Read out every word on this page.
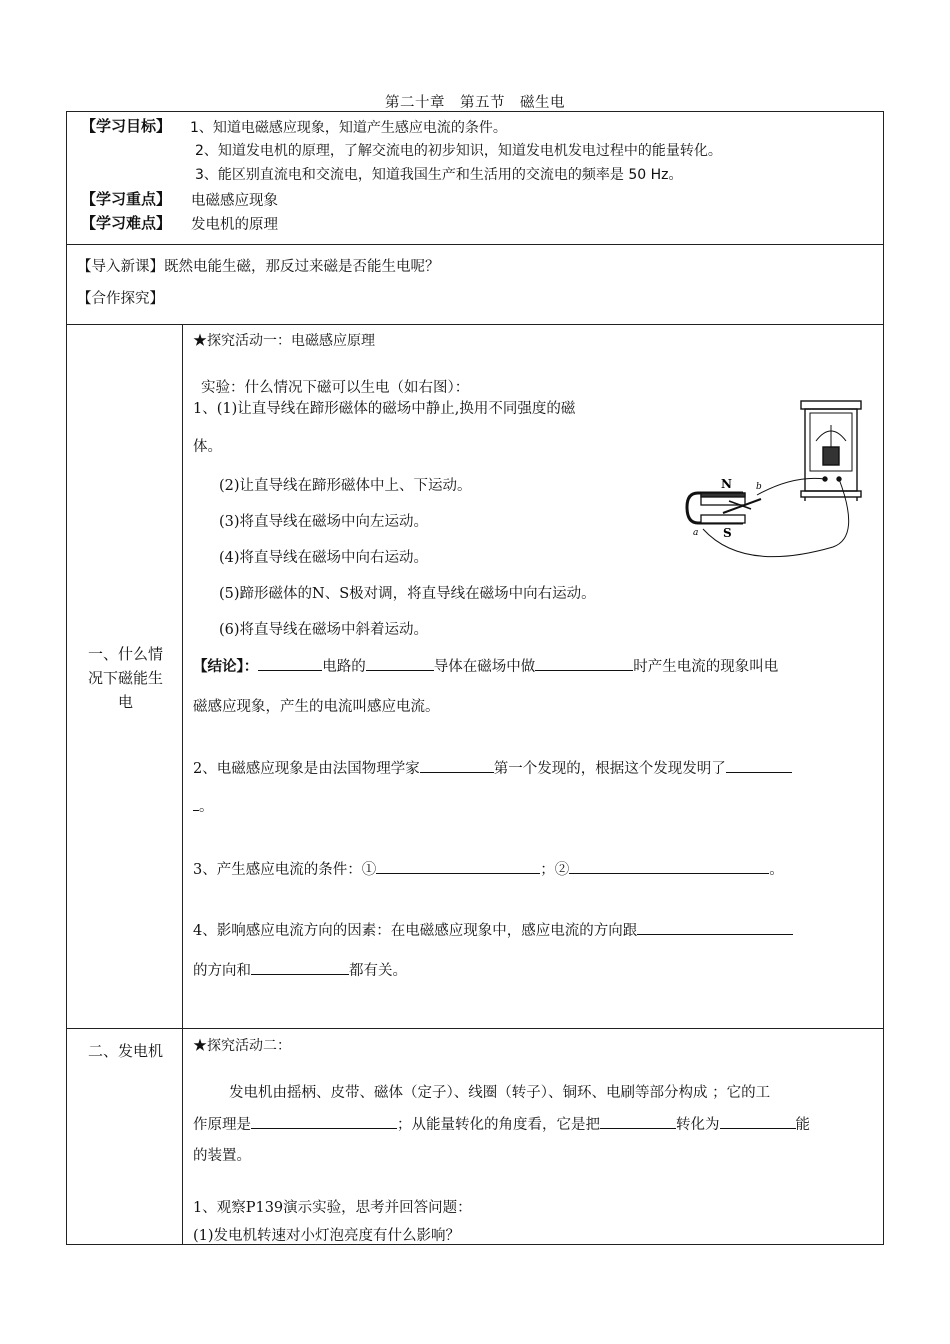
第二十章　第五节　磁生电
【学习目标】 1、知道电磁感应现象，知道产生感应电流的条件。
2、知道发电机的原理，了解交流电的初步知识，知道发电机发电过程中的能量转化。
3、能区别直流电和交流电，知道我国生产和生活用的交流电的频率是 50 Hz。
【学习重点】 电磁感应现象
【学习难点】 发电机的原理
【导入新课】既然电能生磁，那反过来磁是否能生电呢？
【合作探究】
一、什么情
况下磁能生
电
★探究活动一：电磁感应原理
实验：什么情况下磁可以生电（如右图）：
1、(1)让直导线在蹄形磁体的磁场中静止,换用不同强度的磁
体。
(2)让直导线在蹄形磁体中上、下运动。
(3)将直导线在磁场中向左运动。
(4)将直导线在磁场中向右运动。
(5)蹄形磁体的N、S极对调，将直导线在磁场中向右运动。
(6)将直导线在磁场中斜着运动。
【结论】：	电路的	导体在磁场中做	时产生电流的现象叫电
磁感应现象，产生的电流叫感应电流。
2、电磁感应现象是由法国物理学家	第一个发现的，根据这个发现发明了
。
3、产生感应电流的条件：①	；②	。
4、影响感应电流方向的因素：在电磁感应现象中，感应电流的方向跟
的方向和	都有关。
N
S
a
b
二、发电机	★探究活动二：
发电机由摇柄、皮带、磁体（定子）、线圈（转子）、铜环、电刷等部分构成 ；它的工
作原理是	；从能量转化的角度看，它是把	转化为	能
的装置。
1、观察P139演示实验，思考并回答问题：
(1)发电机转速对小灯泡亮度有什么影响？
